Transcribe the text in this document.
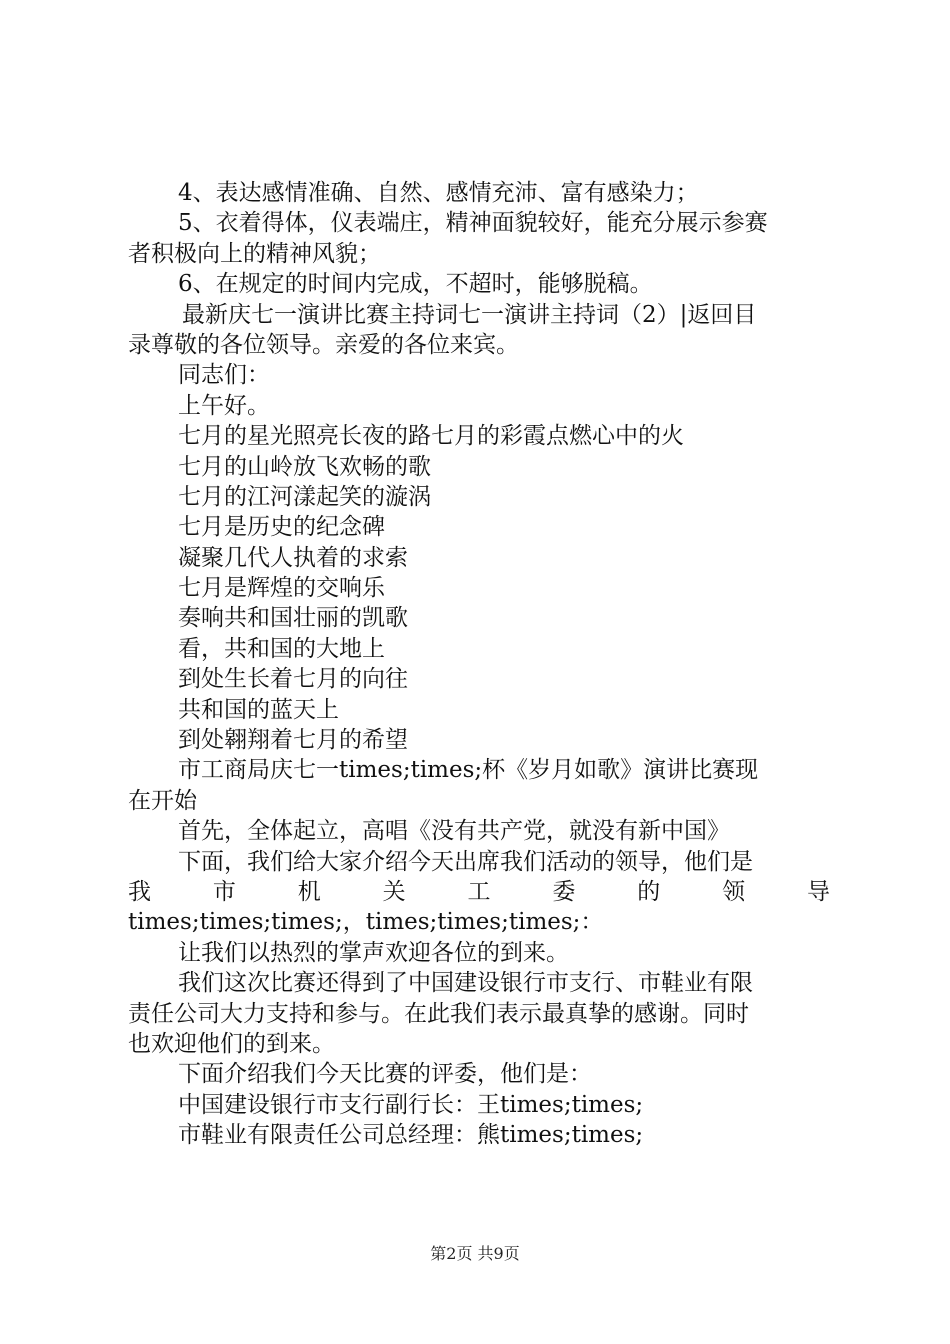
4、表达感情准确、自然、感情充沛、富有感染力；
5、衣着得体，仪表端庄，精神面貌较好，能充分展示参赛
者积极向上的精神风貌；
6、在规定的时间内完成，不超时，能够脱稿。
最新庆七一演讲比赛主持词七一演讲主持词（2）|返回目
录尊敬的各位领导。亲爱的各位来宾。
同志们：
上午好。
七月的星光照亮长夜的路七月的彩霞点燃心中的火
七月的山岭放飞欢畅的歌
七月的江河漾起笑的漩涡
七月是历史的纪念碑
凝聚几代人执着的求索
七月是辉煌的交响乐
奏响共和国壮丽的凯歌
看，共和国的大地上
到处生长着七月的向往
共和国的蓝天上
到处翱翔着七月的希望
市工商局庆七一times;times;杯《岁月如歌》演讲比赛现
在开始
首先，全体起立，高唱《没有共产党，就没有新中国》
下面，我们给大家介绍今天出席我们活动的领导，他们是
我	市	机	关	工	委	的	领	导
times;times;times;，times;times;times;：
让我们以热烈的掌声欢迎各位的到来。
我们这次比赛还得到了中国建设银行市支行、市鞋业有限
责任公司大力支持和参与。在此我们表示最真挚的感谢。同时
也欢迎他们的到来。
下面介绍我们今天比赛的评委，他们是：
中国建设银行市支行副行长：王times;times;
市鞋业有限责任公司总经理：熊times;times;
第2页 共9页
